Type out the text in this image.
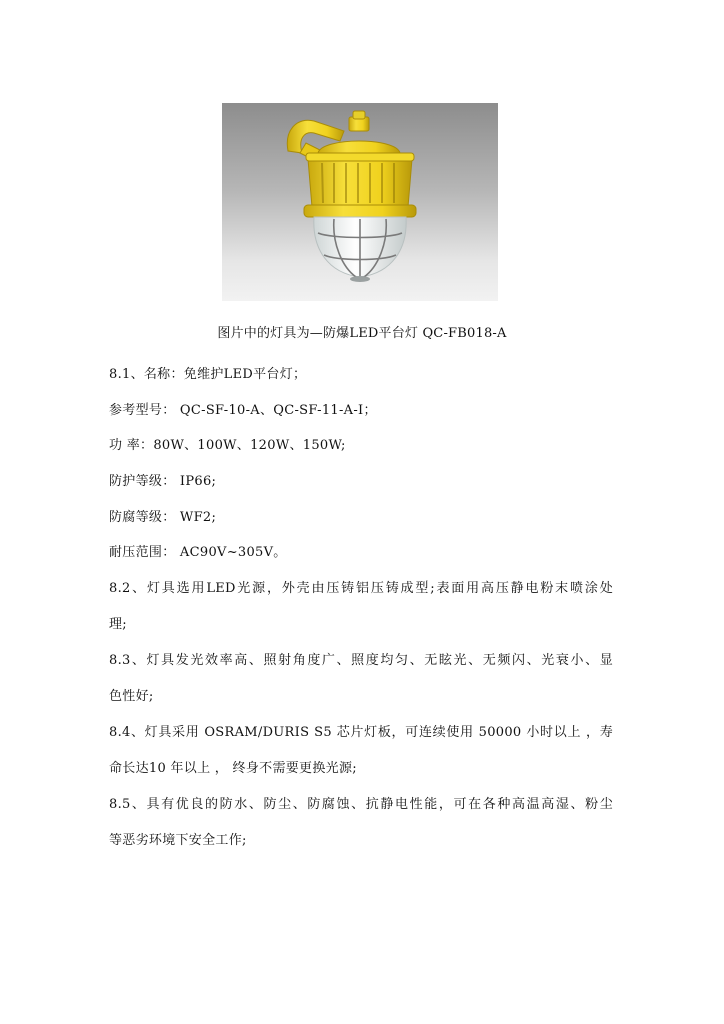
图片中的灯具为—防爆LED平台灯 QC-FB018-A
8.1、名称：免维护LED平台灯；
参考型号： QC-SF-10-A、QC-SF-11-A-Ⅰ；
功 率：80W、100W、120W、150W;
防护等级： IP66;
防腐等级： WF2;
耐压范围： AC90V~305V。
8.2、灯具选用LED光源，外壳由压铸铝压铸成型;表面用高压静电粉末喷涂处
理;
8.3、灯具发光效率高、照射角度广、照度均匀、无眩光、无频闪、光衰小、显
色性好;
8.4、灯具采用 OSRAM/DURIS S5 芯片灯板，可连续使用 50000 小时以上 ，寿
命长达10 年以上 ， 终身不需要更换光源;
8.5、具有优良的防水、防尘、防腐蚀、抗静电性能，可在各种高温高湿、粉尘
等恶劣环境下安全工作;
